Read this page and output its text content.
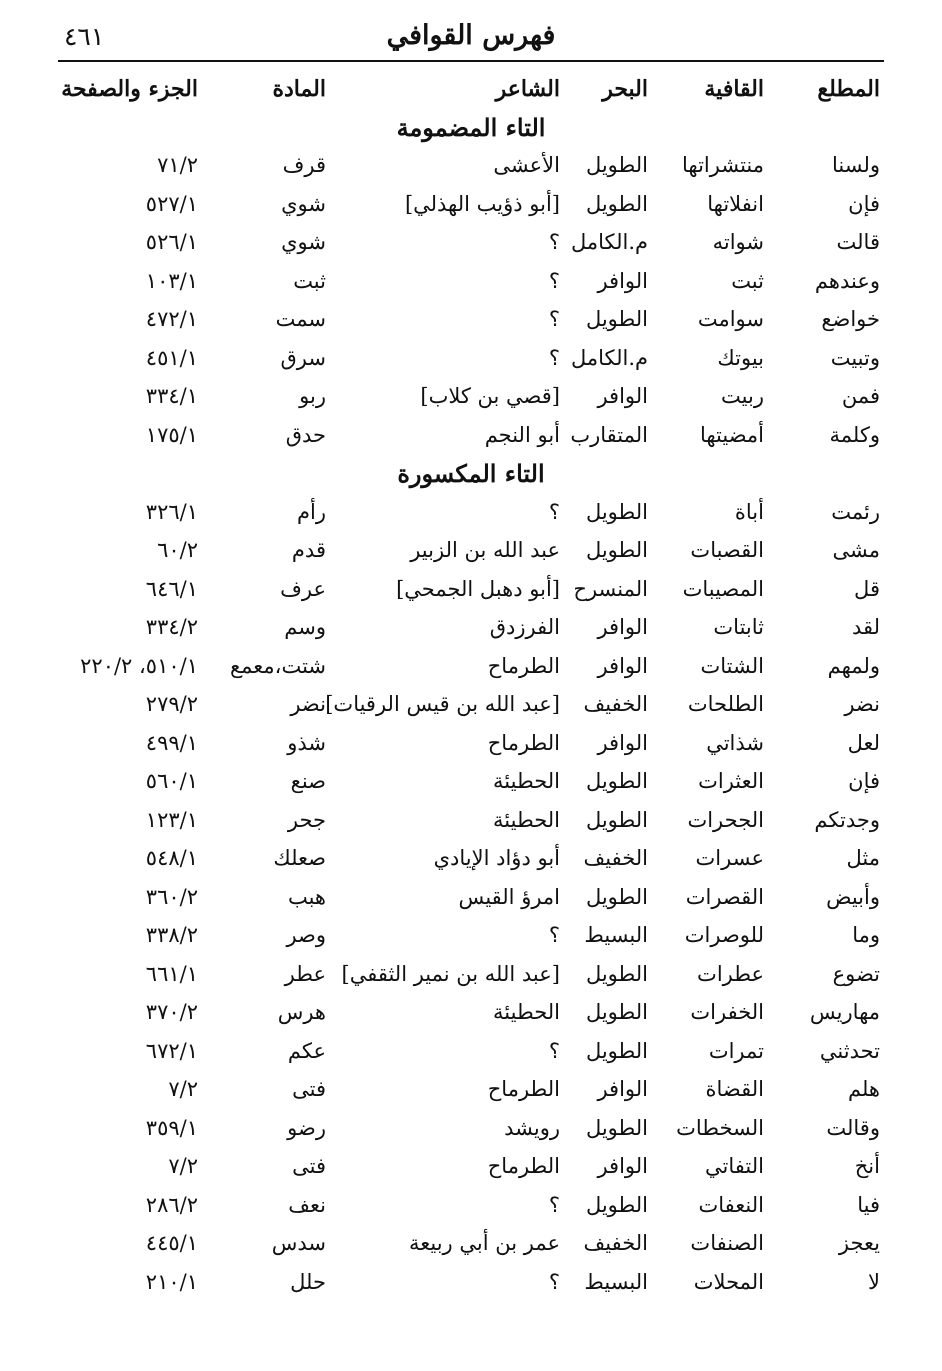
فهرس القوافي
٤٦١
المطلع
القافية
البحر
الشاعر
المادة
الجزء والصفحة
التاء المضمومة
ولسنا
منتشراتها
الطويل
الأعشى
قرف
٧١/٢
فإن
انفلاتها
الطويل
[أبو ذؤيب الهذلي]
شوي
٥٢٧/١
قالت
شواته
م.الكامل
؟
شوي
٥٢٦/١
وعندهم
ثبت
الوافر
؟
ثبت
١٠٣/١
خواضع
سوامت
الطويل
؟
سمت
٤٧٢/١
وتبيت
بيوتك
م.الكامل
؟
سرق
٤٥١/١
فمن
ربيت
الوافر
[قصي بن كلاب]
ربو
٣٣٤/١
وكلمة
أمضيتها
المتقارب
أبو النجم
حدق
١٧٥/١
التاء المكسورة
رئمت
أباة
الطويل
؟
رأم
٣٢٦/١
مشى
القصبات
الطويل
عبد الله بن الزبير
قدم
٦٠/٢
قل
المصيبات
المنسرح
[أبو دهبل الجمحي]
عرف
٦٤٦/١
لقد
ثابتات
الوافر
الفرزدق
وسم
٣٣٤/٢
ولمهم
الشتات
الوافر
الطرماح
شتت،معمع
٥١٠/١، ٢٢٠/٢
نضر
الطلحات
الخفيف
[عبد الله بن قيس الرقيات]
نضر
٢٧٩/٢
لعل
شذاتي
الوافر
الطرماح
شذو
٤٩٩/١
فإن
العثرات
الطويل
الحطيئة
صنع
٥٦٠/١
وجدتكم
الجحرات
الطويل
الحطيئة
جحر
١٢٣/١
مثل
عسرات
الخفيف
أبو دؤاد الإيادي
صعلك
٥٤٨/١
وأبيض
القصرات
الطويل
امرؤ القيس
هبب
٣٦٠/٢
وما
للوصرات
البسيط
؟
وصر
٣٣٨/٢
تضوع
عطرات
الطويل
[عبد الله بن نمير الثقفي]
عطر
٦٦١/١
مهاريس
الخفرات
الطويل
الحطيئة
هرس
٣٧٠/٢
تحدثني
تمرات
الطويل
؟
عكم
٦٧٢/١
هلم
القضاة
الوافر
الطرماح
فتى
٧/٢
وقالت
السخطات
الطويل
رويشد
رضو
٣٥٩/١
أنخ
التفاتي
الوافر
الطرماح
فتى
٧/٢
فيا
النعفات
الطويل
؟
نعف
٢٨٦/٢
يعجز
الصنفات
الخفيف
عمر بن أبي ربيعة
سدس
٤٤٥/١
لا
المحلات
البسيط
؟
حلل
٢١٠/١
